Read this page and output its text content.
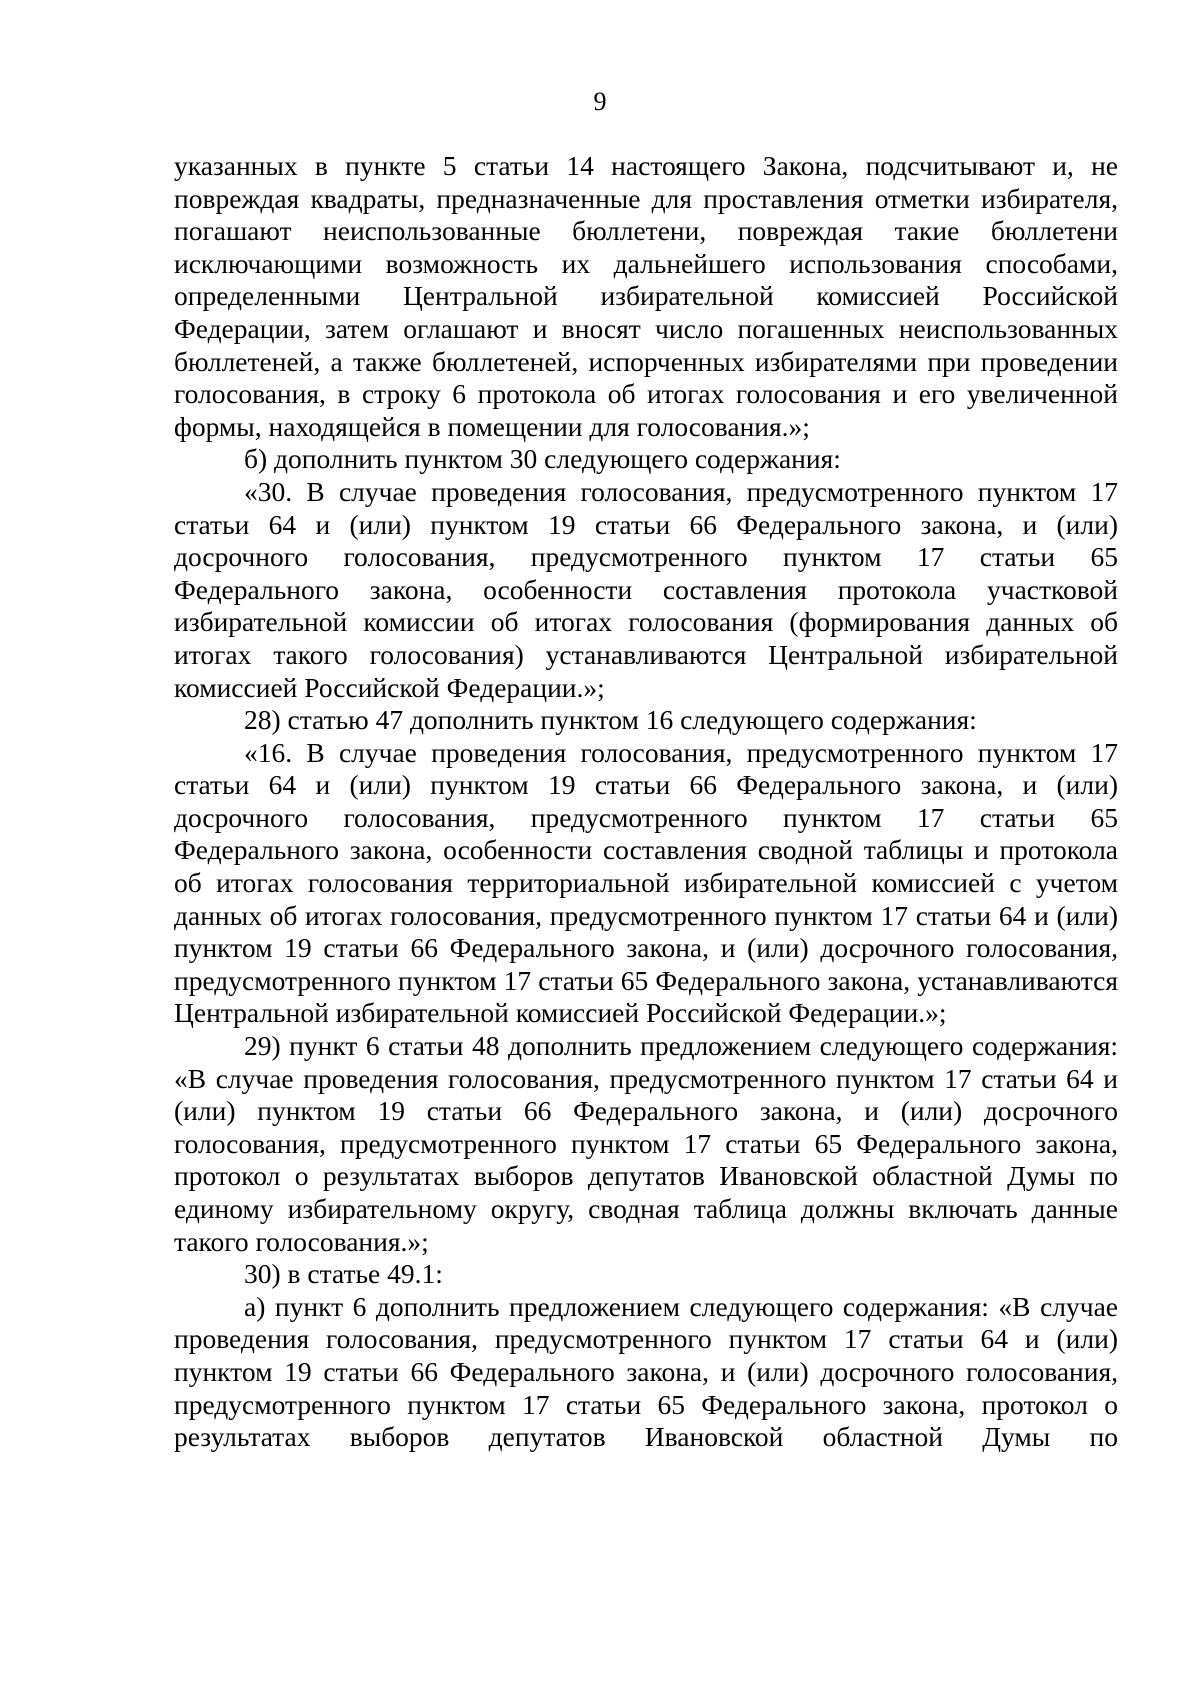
9

указанных в пункте 5 статьи 14 настоящего Закона, подсчитывают и, не повреждая квадраты, предназначенные для проставления отметки избирателя, погашают неиспользованные бюллетени, повреждая такие бюллетени исключающими возможность их дальнейшего использования способами, определенными Центральной избирательной комиссией Российской Федерации, затем оглашают и вносят число погашенных неиспользованных бюллетеней, а также бюллетеней, испорченных избирателями при проведении голосования, в строку 6 протокола об итогах голосования и его увеличенной формы, находящейся в помещении для голосования.»;

б) дополнить пунктом 30 следующего содержания:

«30. В случае проведения голосования, предусмотренного пунктом 17 статьи 64 и (или) пунктом 19 статьи 66 Федерального закона, и (или) досрочного голосования, предусмотренного пунктом 17 статьи 65 Федерального закона, особенности составления протокола участковой избирательной комиссии об итогах голосования (формирования данных об итогах такого голосования) устанавливаются Центральной избирательной комиссией Российской Федерации.»;

28) статью 47 дополнить пунктом 16 следующего содержания:

«16. В случае проведения голосования, предусмотренного пунктом 17 статьи 64 и (или) пунктом 19 статьи 66 Федерального закона, и (или) досрочного голосования, предусмотренного пунктом 17 статьи 65 Федерального закона, особенности составления сводной таблицы и протокола об итогах голосования территориальной избирательной комиссией с учетом данных об итогах голосования, предусмотренного пунктом 17 статьи 64 и (или) пунктом 19 статьи 66 Федерального закона, и (или) досрочного голосования, предусмотренного пунктом 17 статьи 65 Федерального закона, устанавливаются Центральной избирательной комиссией Российской Федерации.»;

29) пункт 6 статьи 48 дополнить предложением следующего содержания: «В случае проведения голосования, предусмотренного пунктом 17 статьи 64 и (или) пунктом 19 статьи 66 Федерального закона, и (или) досрочного голосования, предусмотренного пунктом 17 статьи 65 Федерального закона, протокол о результатах выборов депутатов Ивановской областной Думы по единому избирательному округу, сводная таблица должны включать данные такого голосования.»;

30) в статье 49.1:

а) пункт 6 дополнить предложением следующего содержания: «В случае проведения голосования, предусмотренного пунктом 17 статьи 64 и (или) пунктом 19 статьи 66 Федерального закона, и (или) досрочного голосования, предусмотренного пунктом 17 статьи 65 Федерального закона, протокол о результатах выборов депутатов Ивановской областной Думы по
